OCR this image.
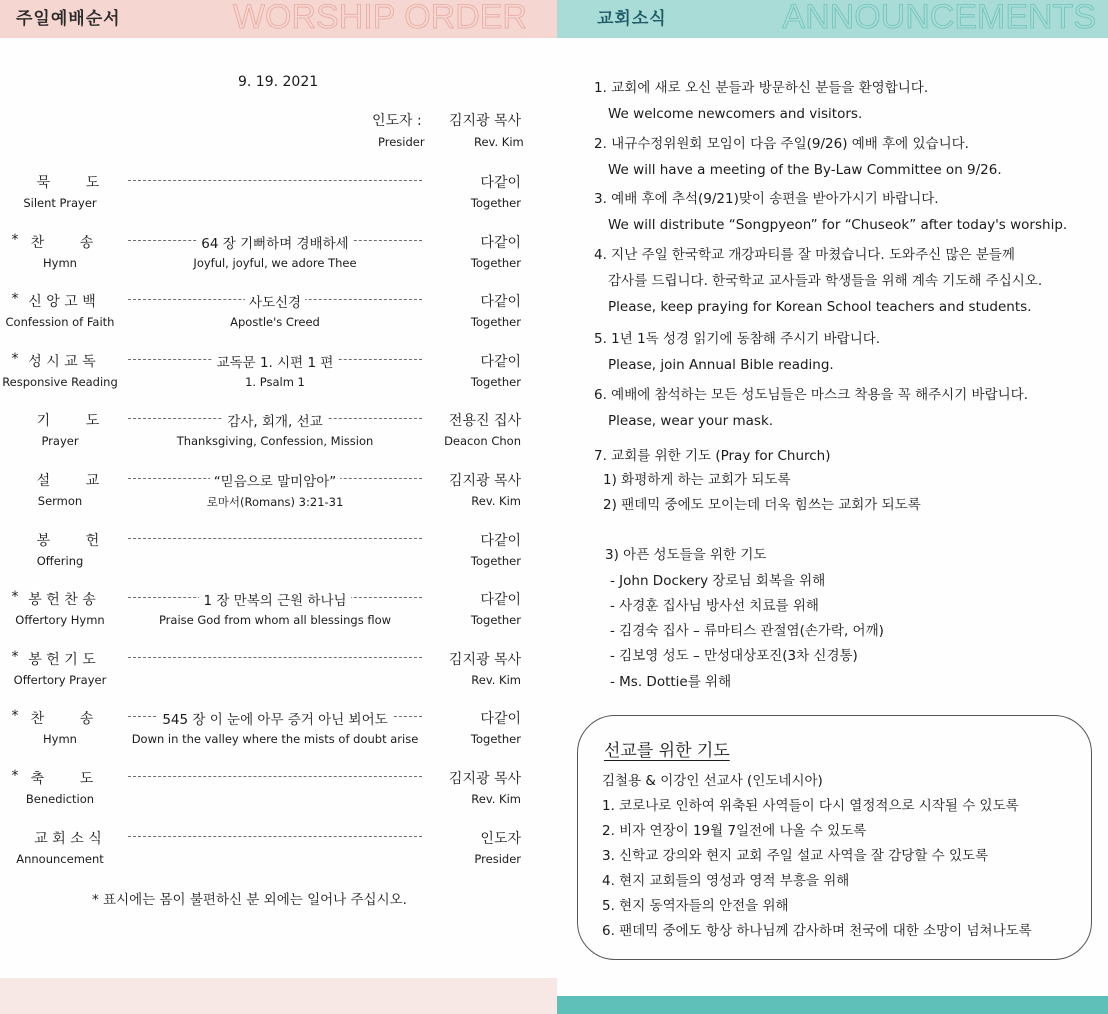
주일예배순서	WORSHIP ORDER
9. 19. 2021
인도자 :
Presider
김지광 목사
Rev. Kim
묵        도
Silent Prayer
다같이
Together
찬        송
*
Hymn
64 장 기뻐하며 경배하세
Joyful, joyful, we adore Thee
다같이
Together
신 앙 고 백
*
Confession of Faith
사도신경
Apostle's Creed
다같이
Together
성 시 교 독
*
Responsive Reading
교독문 1. 시편 1 편
1. Psalm 1
다같이
Together
기        도
Prayer
감사, 회개, 선교
Thanksgiving, Confession, Mission
전용진 집사
Deacon Chon
설        교
Sermon
“믿음으로 말미암아”
로마서(Romans) 3:21-31
김지광 목사
Rev. Kim
봉        헌
Offering
다같이
Together
봉 헌 찬 송
*
Offertory Hymn
1 장 만복의 근원 하나님
Praise God from whom all blessings flow
다같이
Together
봉 헌 기 도
*
Offertory Prayer
김지광 목사
Rev. Kim
찬        송
*
Hymn
545 장 이 눈에 아무 증거 아닌 뵈어도
Down in the valley where the mists of doubt arise
다같이
Together
축        도
*
Benediction
김지광 목사
Rev. Kim
교 회 소 식
Announcement
인도자
Presider
* 표시에는 몸이 불편하신 분 외에는 일어나 주십시오.
교회소식	ANNOUNCEMENTS
1. 교회에 새로 오신 분들과 방문하신 분들을 환영합니다.
We welcome newcomers and visitors.
2. 내규수정위원회 모임이 다음 주일(9/26) 예배 후에 있습니다.
We will have a meeting of the By-Law Committee on 9/26.
3. 예배 후에 추석(9/21)맞이 송편을 받아가시기 바랍니다.
We will distribute “Songpyeon” for “Chuseok” after today's worship.
4. 지난 주일 한국학교 개강파티를 잘 마쳤습니다. 도와주신 많은 분들께
감사를 드립니다. 한국학교 교사들과 학생들을 위해 계속 기도해 주십시오.
Please, keep praying for Korean School teachers and students.
5. 1년 1독 성경 읽기에 동참해 주시기 바랍니다.
Please, join Annual Bible reading.
6. 예배에 참석하는 모든 성도님들은 마스크 착용을 꼭 해주시기 바랍니다.
Please, wear your mask.
7. 교회를 위한 기도 (Pray for Church)
1) 화평하게 하는 교회가 되도록
2) 팬데믹 중에도 모이는데 더욱 힘쓰는 교회가 되도록
3) 아픈 성도들을 위한 기도
- John Dockery 장로님 회복을 위해
- 사경훈 집사님 방사선 치료를 위해
- 김경숙 집사 – 류마티스 관절염(손가락, 어깨)
- 김보영 성도 – 만성대상포진(3차 신경통)
- Ms. Dottie를 위해
선교를 위한 기도
김철용 & 이강인 선교사 (인도네시아)
1. 코로나로 인하여 위축된 사역들이 다시 열정적으로 시작될 수 있도록
2. 비자 연장이 19월 7일전에 나올 수 있도록
3. 신학교 강의와 현지 교회 주일 설교 사역을 잘 감당할 수 있도록
4. 현지 교회들의 영성과 영적 부흥을 위해
5. 현지 동역자들의 안전을 위해
6. 팬데믹 중에도 항상 하나님께 감사하며 천국에 대한 소망이 넘쳐나도록
